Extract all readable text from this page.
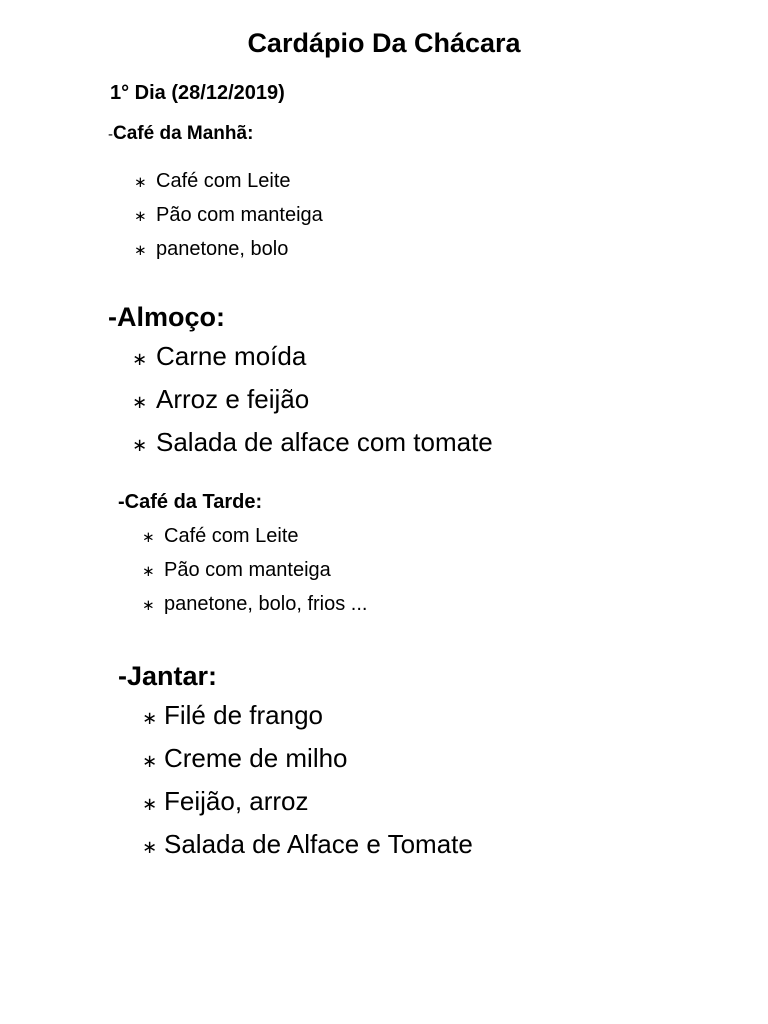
Cardápio Da Chácara
1° Dia (28/12/2019)

-Café da Manhã:

∗ Café com Leite
∗ Pão com manteiga
∗ panetone, bolo

-Almoço:

∗ Carne moída
∗ Arroz e feijão
∗ Salada de alface com tomate

-Café da Tarde:

∗ Café com Leite
∗ Pão com manteiga
∗ panetone, bolo, frios ...

-Jantar:

∗ Filé de frango
∗ Creme de milho
∗ Feijão, arroz
∗ Salada de Alface e Tomate
